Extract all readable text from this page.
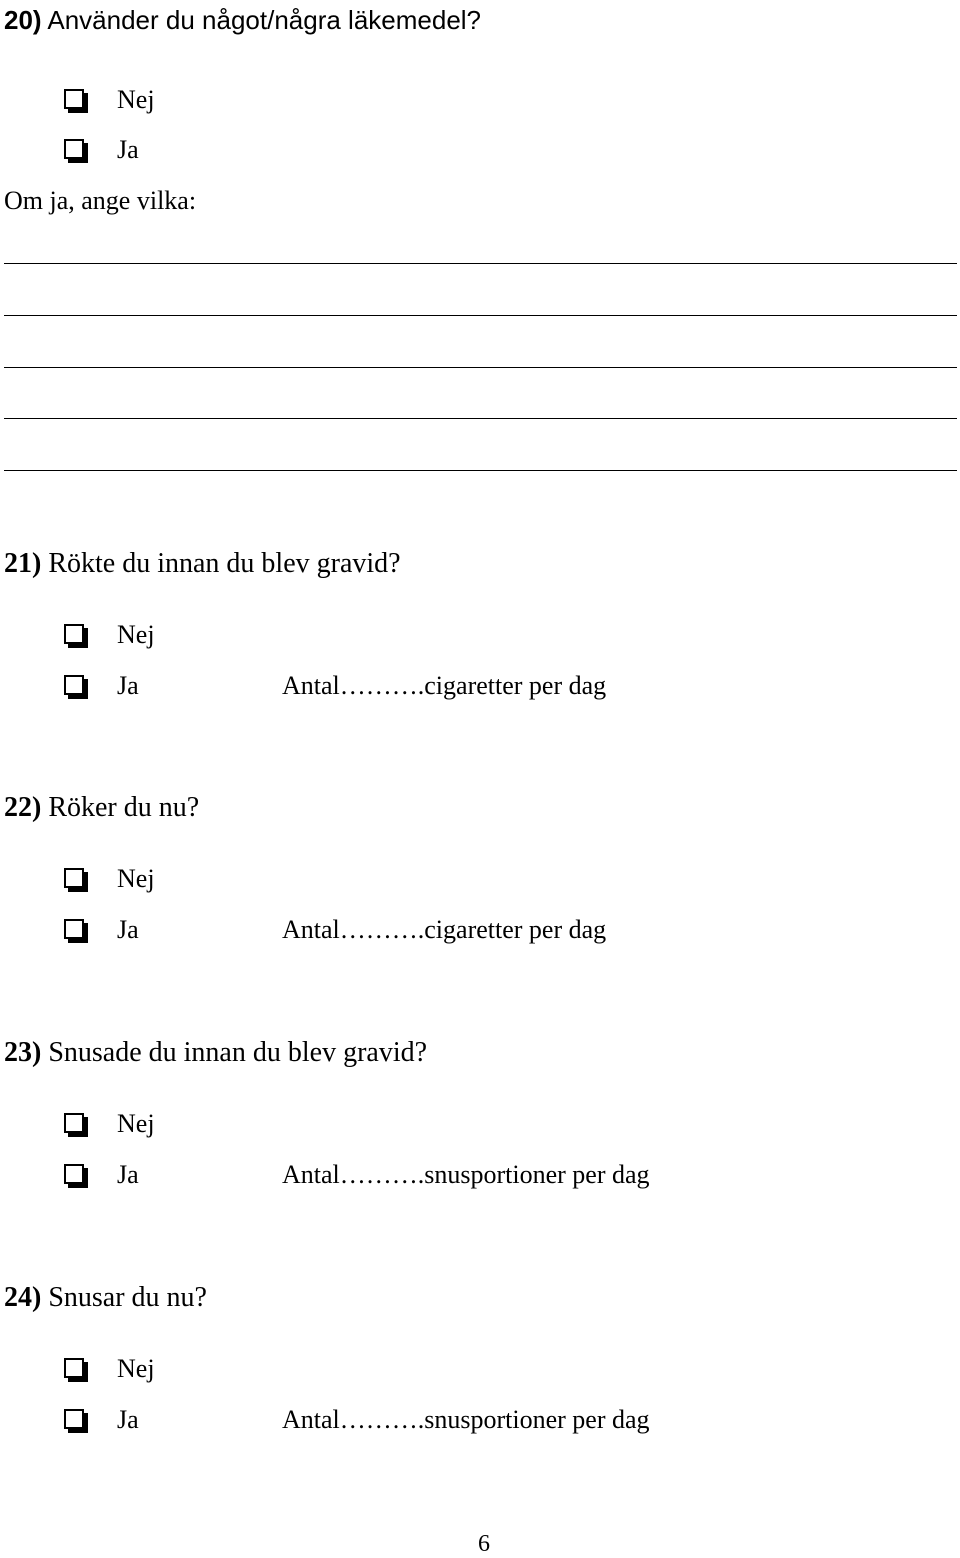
20) Använder du något/några läkemedel?
Nej
Ja
Om ja, ange vilka:
21) Rökte du innan du blev gravid?
Nej
Ja	Antal……….cigaretter per dag
22) Röker du nu?
Nej
Ja	Antal……….cigaretter per dag
23) Snusade du innan du blev gravid?
Nej
Ja	Antal……….snusportioner per dag
24) Snusar du nu?
Nej
Ja	Antal……….snusportioner per dag
6
